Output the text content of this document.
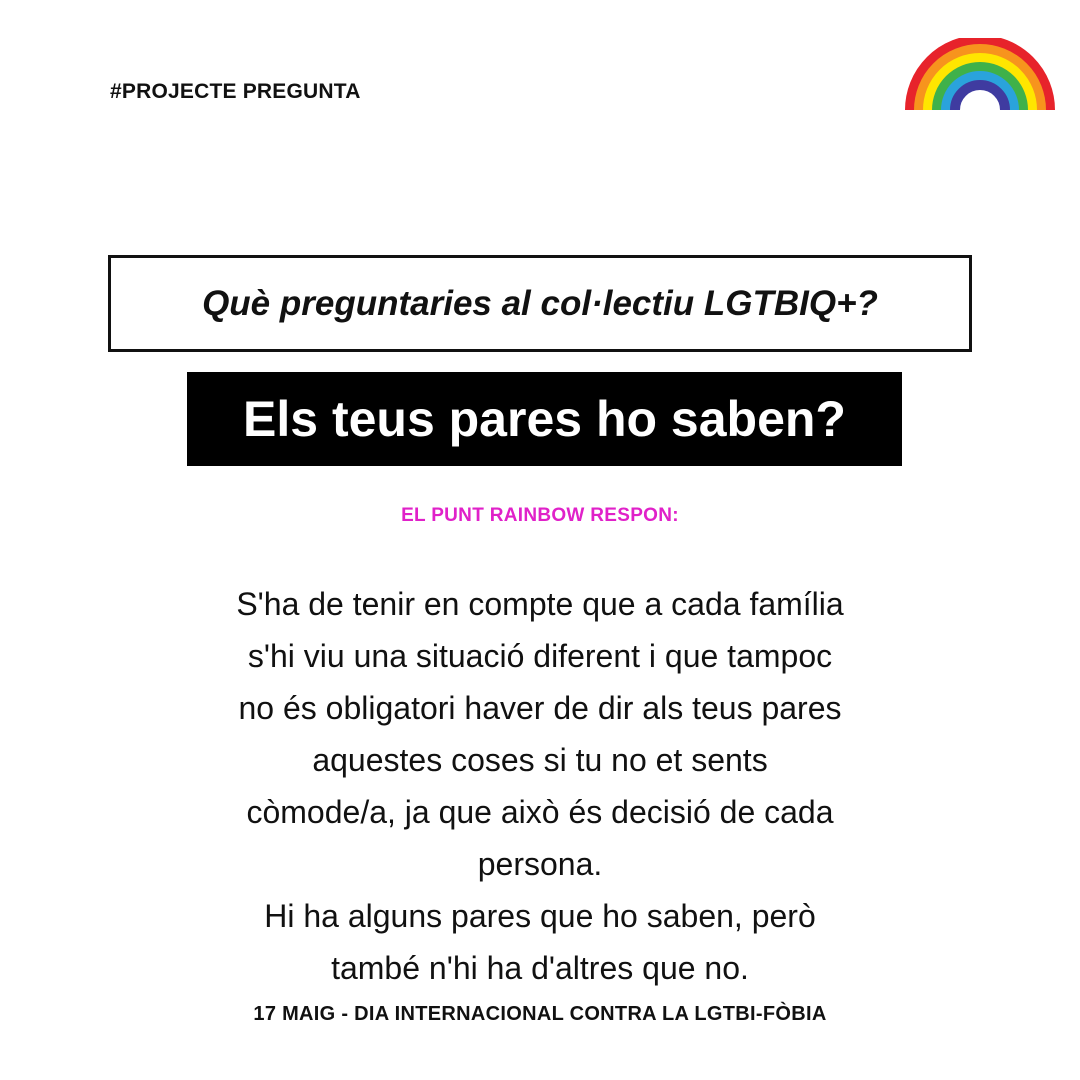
#PROJECTE PREGUNTA
Què preguntaries al col·lectiu LGTBIQ+?
Els teus pares ho saben?
EL PUNT RAINBOW RESPON:
S'ha de tenir en compte que a cada família
s'hi viu una situació diferent i que tampoc
no és obligatori haver de dir als teus pares
aquestes coses si tu no et sents
còmode/a, ja que això és decisió de cada
persona.
Hi ha alguns pares que ho saben, però
també n'hi ha d'altres que no.
17 MAIG - DIA INTERNACIONAL CONTRA LA LGTBI-FÒBIA
